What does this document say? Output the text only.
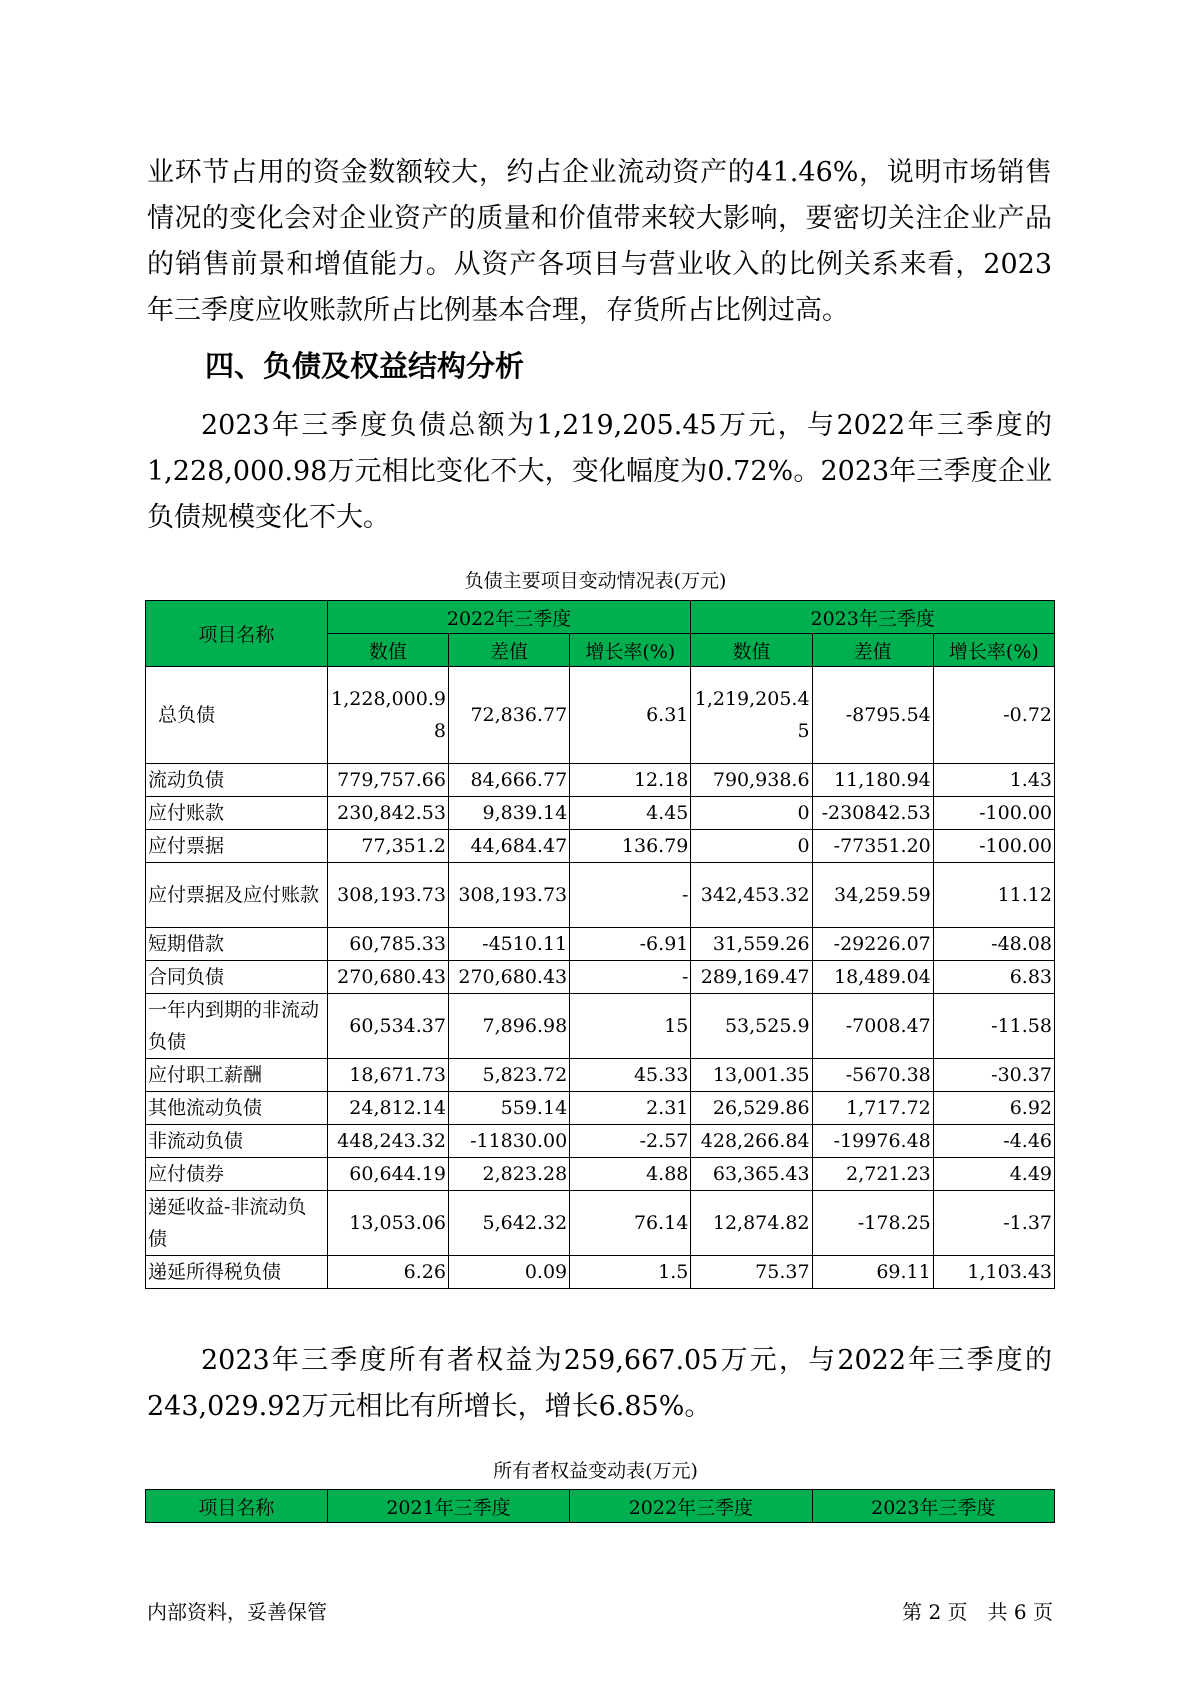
业环节占用的资金数额较大，约占企业流动资产的41.46%，说明市场销售情况的变化会对企业资产的质量和价值带来较大影响，要密切关注企业产品的销售前景和增值能力。从资产各项目与营业收入的比例关系来看，2023年三季度应收账款所占比例基本合理，存货所占比例过高。

四、负债及权益结构分析

2023年三季度负债总额为1,219,205.45万元，与2022年三季度的1,228,000.98万元相比变化不大，变化幅度为0.72%。2023年三季度企业负债规模变化不大。

负债主要项目变动情况表(万元)
项目名称	2022年三季度			2023年三季度		
	数值	差值	增长率(%)	数值	差值	增长率(%)
总负债	1,228,000.98	72,836.77	6.31	1,219,205.45	-8795.54	-0.72
流动负债	779,757.66	84,666.77	12.18	790,938.6	11,180.94	1.43
应付账款	230,842.53	9,839.14	4.45	0	-230842.53	-100.00
应付票据	77,351.2	44,684.47	136.79	0	-77351.20	-100.00
应付票据及应付账款	308,193.73	308,193.73	-	342,453.32	34,259.59	11.12
短期借款	60,785.33	-4510.11	-6.91	31,559.26	-29226.07	-48.08
合同负债	270,680.43	270,680.43	-	289,169.47	18,489.04	6.83
一年内到期的非流动负债	60,534.37	7,896.98	15	53,525.9	-7008.47	-11.58
应付职工薪酬	18,671.73	5,823.72	45.33	13,001.35	-5670.38	-30.37
其他流动负债	24,812.14	559.14	2.31	26,529.86	1,717.72	6.92
非流动负债	448,243.32	-11830.00	-2.57	428,266.84	-19976.48	-4.46
应付债券	60,644.19	2,823.28	4.88	63,365.43	2,721.23	4.49
递延收益-非流动负债	13,053.06	5,642.32	76.14	12,874.82	-178.25	-1.37
递延所得税负债	6.26	0.09	1.5	75.37	69.11	1,103.43

2023年三季度所有者权益为259,667.05万元，与2022年三季度的243,029.92万元相比有所增长，增长6.85%。

所有者权益变动表(万元)
项目名称	2021年三季度	2022年三季度	2023年三季度
内部资料，妥善保管	第 2 页　共 6 页
